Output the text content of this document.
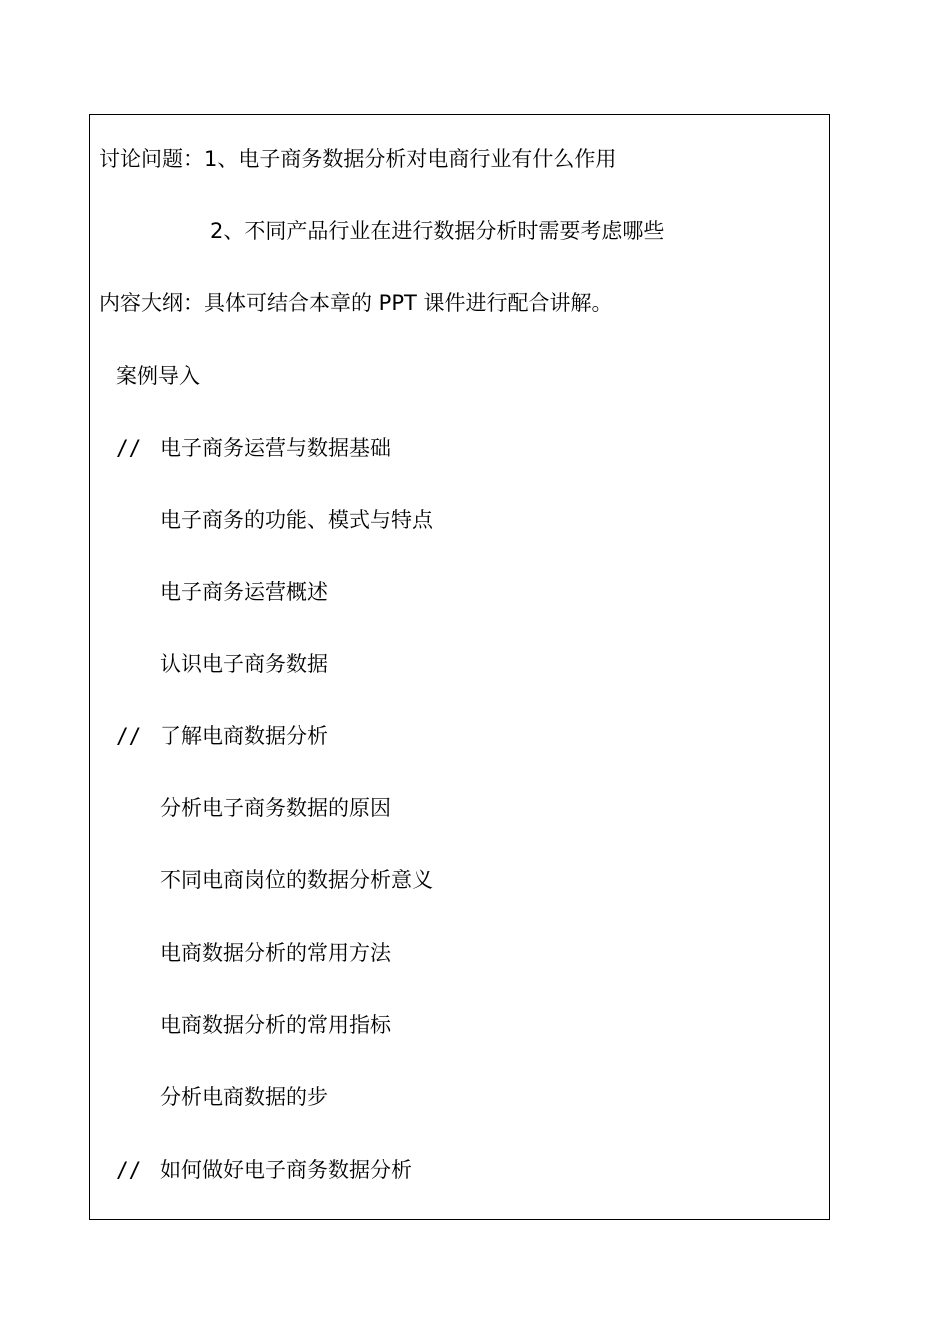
讨论问题：1、电子商务数据分析对电商行业有什么作用
2、不同产品行业在进行数据分析时需要考虑哪些
内容大纲：具体可结合本章的 PPT 课件进行配合讲解。
案例导入
// 电子商务运营与数据基础
电子商务的功能、模式与特点
电子商务运营概述
认识电子商务数据
// 了解电商数据分析
分析电子商务数据的原因
不同电商岗位的数据分析意义
电商数据分析的常用方法
电商数据分析的常用指标
分析电商数据的步
// 如何做好电子商务数据分析
